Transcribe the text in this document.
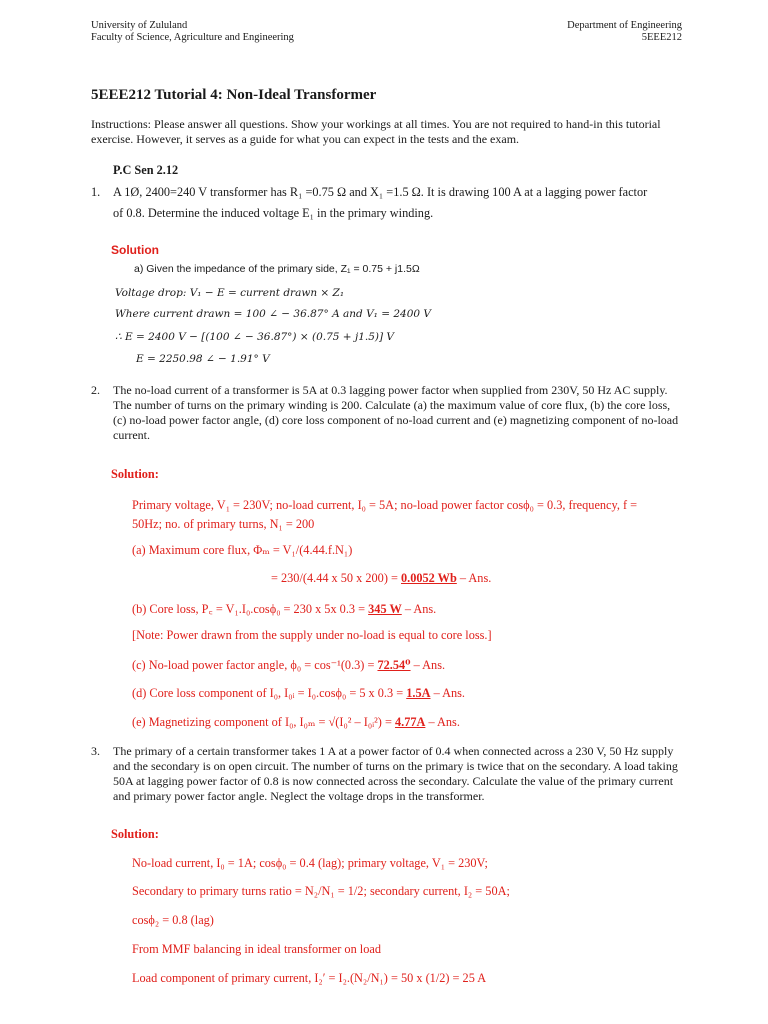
University of Zululand
Faculty of Science, Agriculture and Engineering
Department of Engineering
5EEE212
5EEE212 Tutorial 4: Non-Ideal Transformer
Instructions: Please answer all questions. Show your workings at all times. You are not required to hand-in this tutorial exercise. However, it serves as a guide for what you can expect in the tests and the exam.
P.C Sen 2.12
1. A 1Ø, 2400=240 V transformer has R₁ =0.75 Ω and X₁ =1.5 Ω. It is drawing 100 A at a lagging power factor
of 0.8. Determine the induced voltage E₁ in the primary winding.
Solution
a) Given the impedance of the primary side, Z₁ = 0.75 + j1.5Ω
Voltage drop: V₁ − E = current drawn × Z₁
Where current drawn = 100 ∠ − 36.87° A and V₁ = 2400 V
∴ E = 2400 V − [(100 ∠ − 36.87°) × (0.75 + j1.5)] V
E = 2250.98 ∠ − 1.91° V
2.	The no-load current of a transformer is 5A at 0.3 lagging power factor when supplied from 230V, 50 Hz AC supply. The number of turns on the primary winding is 200. Calculate (a) the maximum value of core flux, (b) the core loss, (c) no-load power factor angle, (d) core loss component of no-load current and (e) magnetizing component of no-load current.
Solution:
Primary voltage, V₁ = 230V; no-load current, I₀ = 5A; no-load power factor cosϕ₀ = 0.3, frequency, f =
50Hz; no. of primary turns, N₁ = 200
(a) Maximum core flux, Φₘ = V₁/(4.44.f.N₁)
= 230/(4.44 x 50 x 200) = 0.0052 Wb – Ans.
(b) Core loss, P꜀ = V₁.I₀.cosϕ₀ = 230 x 5x 0.3 = 345 W – Ans.
[Note: Power drawn from the supply under no-load is equal to core loss.]
(c) No-load power factor angle, ϕ₀ = cos⁻¹(0.3) = 72.54⁰ – Ans.
(d) Core loss component of I₀, I₀ᵢ = I₀.cosϕ₀ = 5 x 0.3 = 1.5A – Ans.
(e) Magnetizing component of I₀, I₀ₘ = √(I₀² – I₀ᵢ²) = 4.77A – Ans.
3.	The primary of a certain transformer takes 1 A at a power factor of 0.4 when connected across a 230 V, 50 Hz supply and the secondary is on open circuit. The number of turns on the primary is twice that on the secondary. A load taking 50A at lagging power factor of 0.8 is now connected across the secondary. Calculate the value of the primary current and primary power factor angle. Neglect the voltage drops in the transformer.
Solution:
No-load current, I₀ = 1A; cosϕ₀ = 0.4 (lag); primary voltage, V₁ = 230V;
Secondary to primary turns ratio = N₂/N₁ = 1/2; secondary current, I₂ = 50A;
cosϕ₂ = 0.8 (lag)
From MMF balancing in ideal transformer on load
Load component of primary current, I₂′ = I₂.(N₂/N₁) = 50 x (1/2) = 25 A
